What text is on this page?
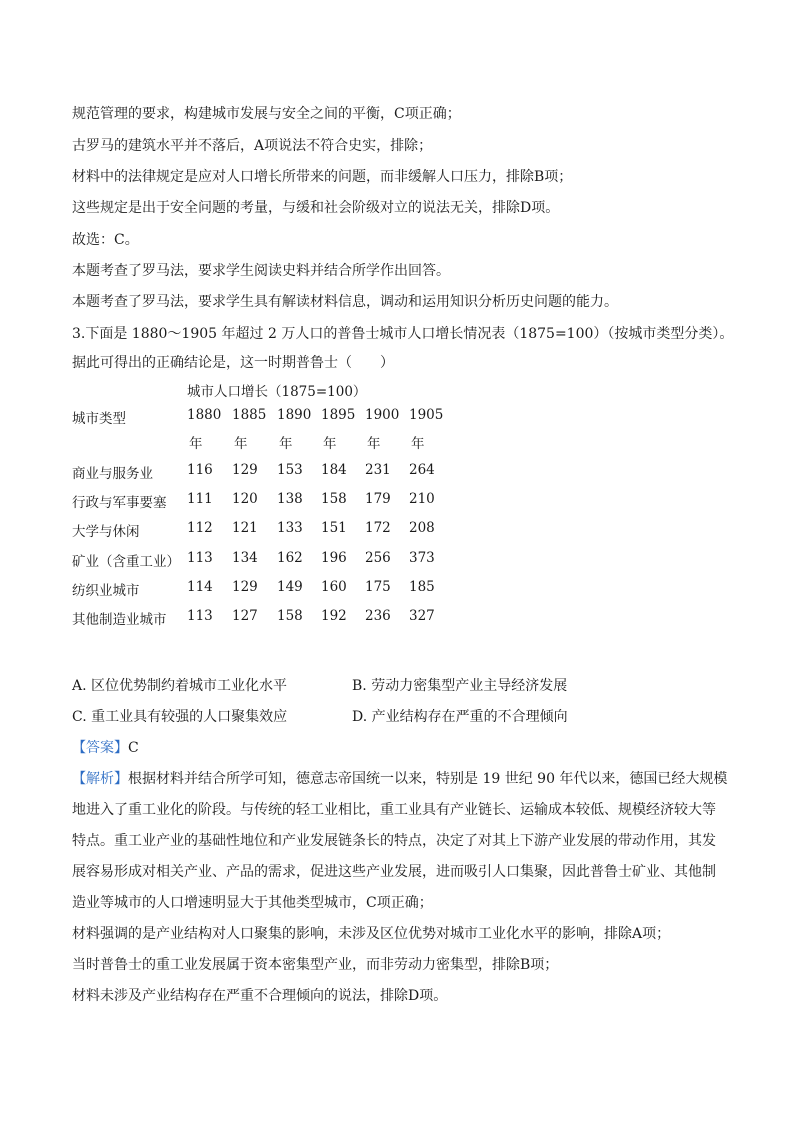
规范管理的要求，构建城市发展与安全之间的平衡，C项正确；
古罗马的建筑水平并不落后，A项说法不符合史实，排除；
材料中的法律规定是应对人口增长所带来的问题，而非缓解人口压力，排除B项；
这些规定是出于安全问题的考量，与缓和社会阶级对立的说法无关，排除D项。
故选：C。
本题考查了罗马法，要求学生阅读史料并结合所学作出回答。
本题考查了罗马法，要求学生具有解读材料信息，调动和运用知识分析历史问题的能力。
3.下面是 1880～1905 年超过 2 万人口的普鲁士城市人口增长情况表（1875=100）（按城市类型分类）。
据此可得出的正确结论是，这一时期普鲁士（　　）
城市人口增长（1875=100）
城市类型	1880 1885 1890 1895 1900 1905
年 年 年 年 年 年
商业与服务业	116 129 153 184 231 264
行政与军事要塞 111 120 138 158 179 210
大学与休闲	112 121 133 151 172 208
矿业（含重工业） 113 134 162 196 256 373
纺织业城市	114 129 149 160 175 185
其他制造业城市 113 127 158 192 236 327
A. 区位优势制约着城市工业化水平	B. 劳动力密集型产业主导经济发展
C. 重工业具有较强的人口聚集效应	D. 产业结构存在严重的不合理倾向
【答案】C
【解析】根据材料并结合所学可知，德意志帝国统一以来，特别是 19 世纪 90 年代以来，德国已经大规模
地进入了重工业化的阶段。与传统的轻工业相比，重工业具有产业链长、运输成本较低、规模经济较大等
特点。重工业产业的基础性地位和产业发展链条长的特点，决定了对其上下游产业发展的带动作用，其发
展容易形成对相关产业、产品的需求，促进这些产业发展，进而吸引人口集聚，因此普鲁士矿业、其他制
造业等城市的人口增速明显大于其他类型城市，C项正确；
材料强调的是产业结构对人口聚集的影响，未涉及区位优势对城市工业化水平的影响，排除A项；
当时普鲁士的重工业发展属于资本密集型产业，而非劳动力密集型，排除B项；
材料未涉及产业结构存在严重不合理倾向的说法，排除D项。
